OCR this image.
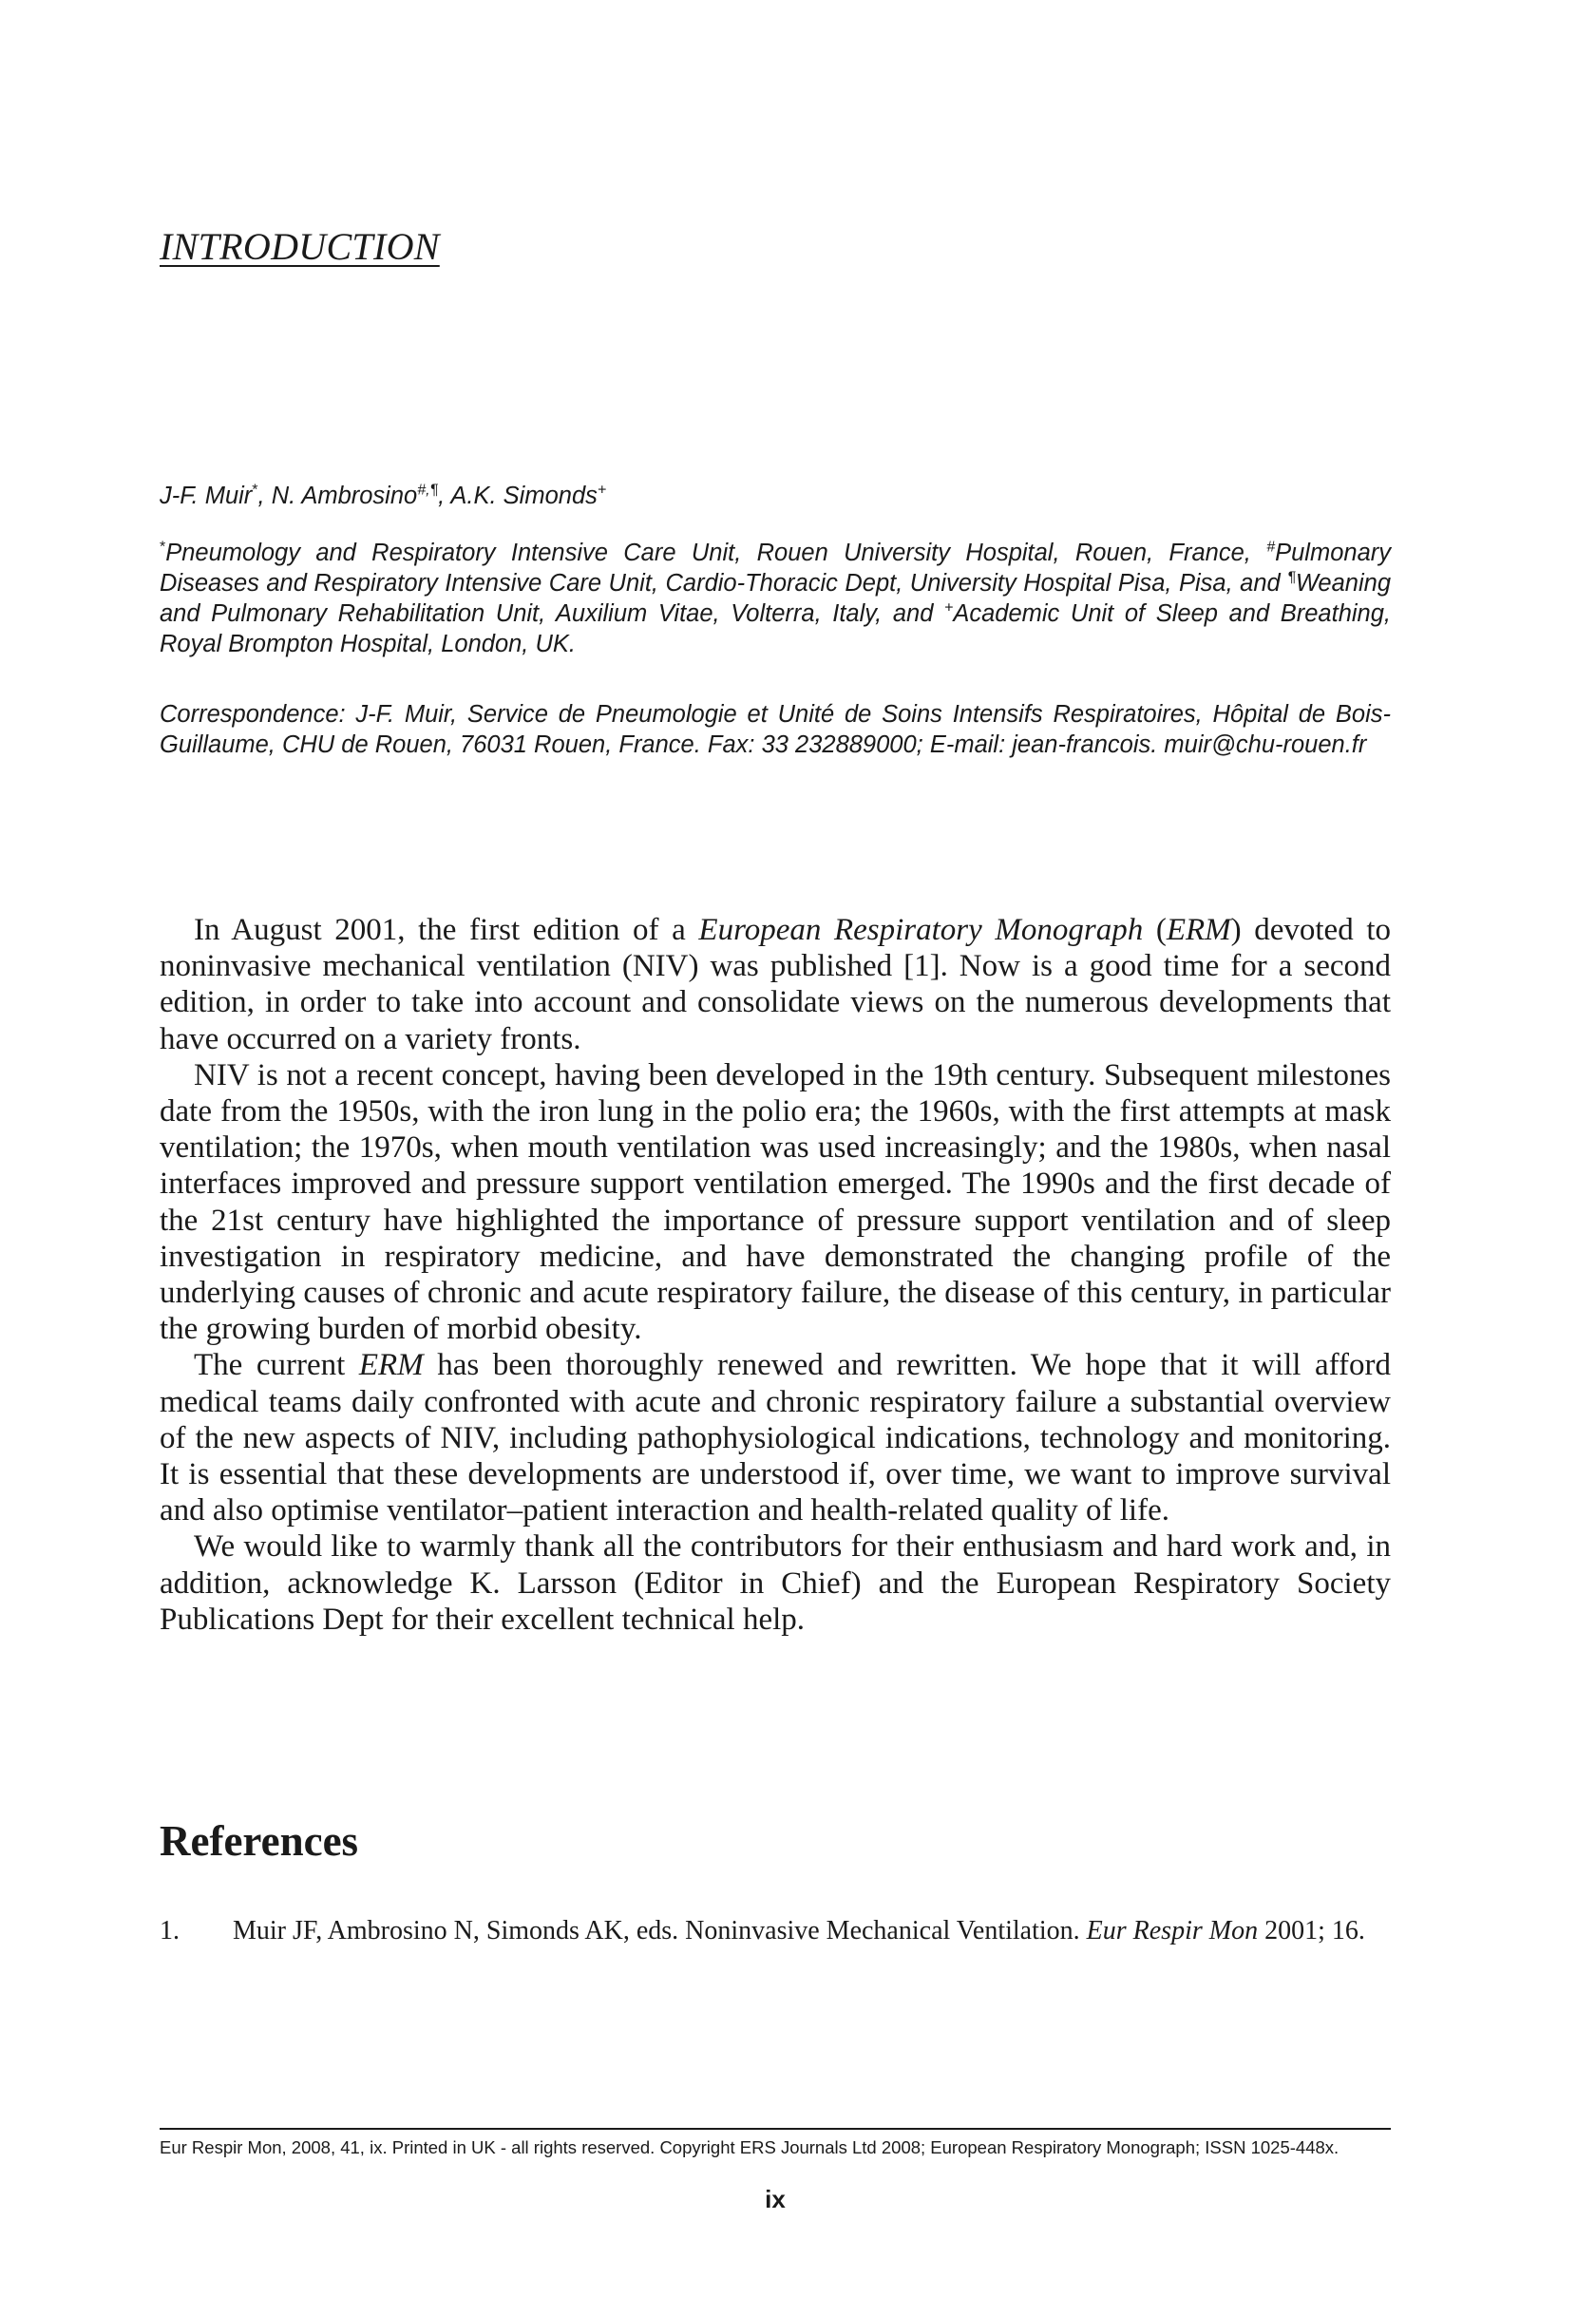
INTRODUCTION
J-F. Muir*, N. Ambrosino#,¶, A.K. Simonds+
*Pneumology and Respiratory Intensive Care Unit, Rouen University Hospital, Rouen, France, #Pulmonary Diseases and Respiratory Intensive Care Unit, Cardio-Thoracic Dept, University Hospital Pisa, Pisa, and ¶Weaning and Pulmonary Rehabilitation Unit, Auxilium Vitae, Volterra, Italy, and +Academic Unit of Sleep and Breathing, Royal Brompton Hospital, London, UK.
Correspondence: J-F. Muir, Service de Pneumologie et Unité de Soins Intensifs Respiratoires, Hôpital de Bois-Guillaume, CHU de Rouen, 76031 Rouen, France. Fax: 33 232889000; E-mail: jean-francois. muir@chu-rouen.fr

In August 2001, the first edition of a European Respiratory Monograph (ERM) devoted to noninvasive mechanical ventilation (NIV) was published [1]. Now is a good time for a second edition, in order to take into account and consolidate views on the numerous developments that have occurred on a variety fronts.

NIV is not a recent concept, having been developed in the 19th century. Subsequent milestones date from the 1950s, with the iron lung in the polio era; the 1960s, with the first attempts at mask ventilation; the 1970s, when mouth ventilation was used increasingly; and the 1980s, when nasal interfaces improved and pressure support ventilation emerged. The 1990s and the first decade of the 21st century have highlighted the importance of pressure support ventilation and of sleep investigation in respiratory medicine, and have demonstrated the changing profile of the underlying causes of chronic and acute respiratory failure, the disease of this century, in particular the growing burden of morbid obesity.

The current ERM has been thoroughly renewed and rewritten. We hope that it will afford medical teams daily confronted with acute and chronic respiratory failure a substantial overview of the new aspects of NIV, including pathophysiological indications, technology and monitoring. It is essential that these developments are understood if, over time, we want to improve survival and also optimise ventilator–patient interaction and health-related quality of life.

We would like to warmly thank all the contributors for their enthusiasm and hard work and, in addition, acknowledge K. Larsson (Editor in Chief) and the European Respiratory Society Publications Dept for their excellent technical help.

References
1.	Muir JF, Ambrosino N, Simonds AK, eds. Noninvasive Mechanical Ventilation. Eur Respir Mon 2001; 16.
Eur Respir Mon, 2008, 41, ix. Printed in UK - all rights reserved. Copyright ERS Journals Ltd 2008; European Respiratory Monograph; ISSN 1025-448x.
ix
